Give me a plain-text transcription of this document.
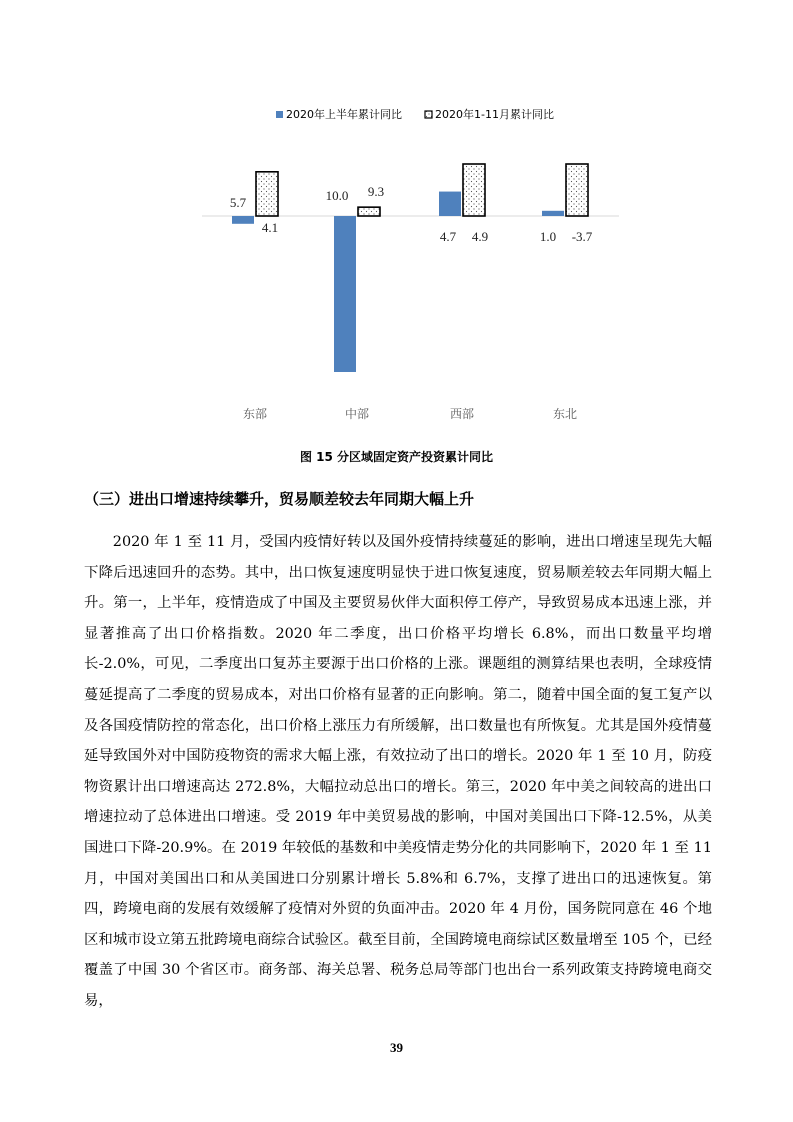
2020年上半年累计同比	2020年1-11月累计同比
5.7
4.1
10.0 9.3
4.7 4.9	1.0 -3.7
东部	中部	西部	东北
图 15 分区域固定资产投资累计同比
（三）进出口增速持续攀升，贸易顺差较去年同期大幅上升

2020 年 1 至 11 月，受国内疫情好转以及国外疫情持续蔓延的影响，进出口增速呈现先大幅下降后迅速回升的态势。其中，出口恢复速度明显快于进口恢复速度，贸易顺差较去年同期大幅上升。第一，上半年，疫情造成了中国及主要贸易伙伴大面积停工停产，导致贸易成本迅速上涨，并显著推高了出口价格指数。2020 年二季度，出口价格平均增长 6.8%，而出口数量平均增长-2.0%，可见，二季度出口复苏主要源于出口价格的上涨。课题组的测算结果也表明，全球疫情蔓延提高了二季度的贸易成本，对出口价格有显著的正向影响。第二，随着中国全面的复工复产以及各国疫情防控的常态化，出口价格上涨压力有所缓解，出口数量也有所恢复。尤其是国外疫情蔓延导致国外对中国防疫物资的需求大幅上涨，有效拉动了出口的增长。2020 年 1 至 10 月，防疫物资累计出口增速高达 272.8%，大幅拉动总出口的增长。第三，2020 年中美之间较高的进出口增速拉动了总体进出口增速。受 2019 年中美贸易战的影响，中国对美国出口下降-12.5%，从美国进口下降-20.9%。在 2019 年较低的基数和中美疫情走势分化的共同影响下，2020 年 1 至 11 月，中国对美国出口和从美国进口分别累计增长 5.8%和 6.7%，支撑了进出口的迅速恢复。第四，跨境电商的发展有效缓解了疫情对外贸的负面冲击。2020 年 4 月份，国务院同意在 46 个地区和城市设立第五批跨境电商综合试验区。截至目前，全国跨境电商综试区数量增至 105 个，已经覆盖了中国 30 个省区市。商务部、海关总署、税务总局等部门也出台一系列政策支持跨境电商交易，

39
